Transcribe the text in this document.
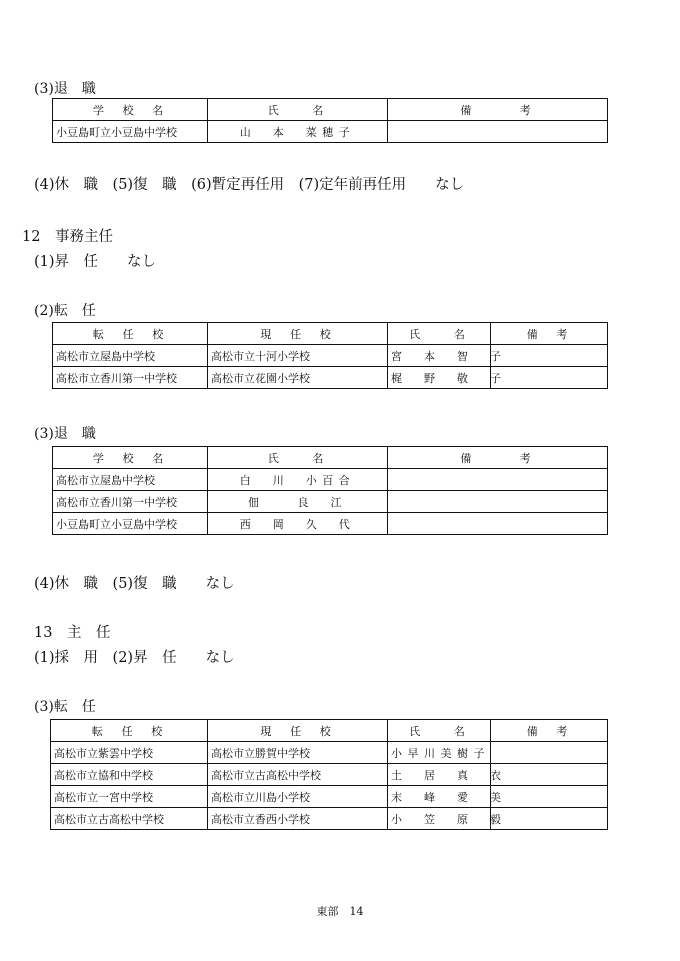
(3)退　職
学　校　名	氏　　名	備　　　考
小豆島町立小豆島中学校	山　本　菜穂子	
(4)休　職　(5)復　職　(6)暫定再任用　(7)定年前再任用　　なし
12　事務主任
(1)昇　任　　なし
(2)転　任
転　任　校	現　任　校	氏　　名	備　考
高松市立屋島中学校	高松市立十河小学校	宮　本　智　子	
高松市立香川第一中学校	高松市立花園小学校	梶　野　敬　子	
(3)退　職
学　校　名	氏　　名	備　　　考
高松市立屋島中学校	白　川　小百合	
高松市立香川第一中学校	佃　　良　江	
小豆島町立小豆島中学校	西　岡　久　代	
(4)休　職　(5)復　職　　なし
13　主　任
(1)採　用　(2)昇　任　　なし
(3)転　任
転　任　校	現　任　校	氏　　名	備　考
高松市立紫雲中学校	高松市立勝賀中学校	小早川美樹子	
高松市立協和中学校	高松市立古高松中学校	土　居　真　衣	
高松市立一宮中学校	高松市立川島小学校	末　峰　愛　美	
高松市立古高松中学校	高松市立香西小学校	小　笠　原　毅	
東部　14
